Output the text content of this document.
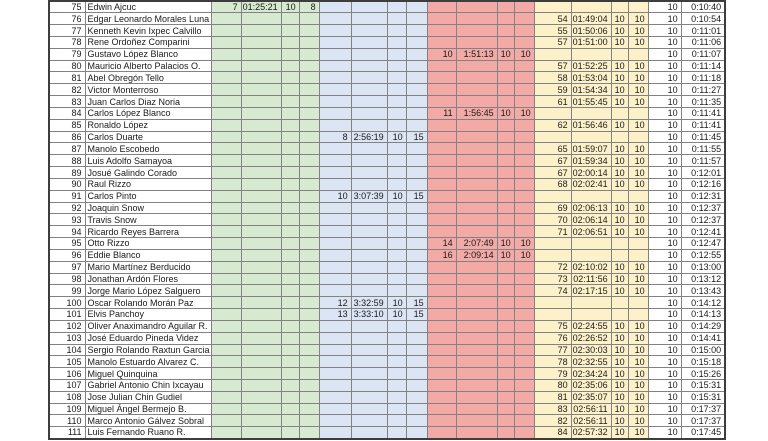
75	Edwin Ajcuc	7	01:25:21	10	8													10	0:10:40
76	Edgar Leonardo Morales Luna													54	01:49:04	10	10	10	0:10:54
77	Kenneth Kevin Ixpec Calvillo													55	01:50:06	10	10	10	0:11:01
78	Rene Ordoñez Comparini													57	01:51:00	10	10	10	0:11:06
79	Gustavo López Blanco									10	1:51:13	10	10					10	0:11:07
80	Mauricio Alberto Palacios O.													57	01:52:25	10	10	10	0:11:14
81	Abel Obregón Tello													58	01:53:04	10	10	10	0:11:18
82	Victor Monterroso													59	01:54:34	10	10	10	0:11:27
83	Juan Carlos Diaz Noria													61	01:55:45	10	10	10	0:11:35
84	Carlos López Blanco									11	1:56:45	10	10					10	0:11:41
85	Ronaldo López													62	01:56:46	10	10	10	0:11:41
86	Carlos Duarte					8	2:56:19	10	15									10	0:11:45
87	Manolo Escobedo													65	01:59:07	10	10	10	0:11:55
88	Luis Adolfo Samayoa													67	01:59:34	10	10	10	0:11:57
89	Josué Galindo Corado													67	02:00:14	10	10	10	0:12:01
90	Raul Rizzo													68	02:02:41	10	10	10	0:12:16
91	Carlos Pinto					10	3:07:39	10	15									10	0:12:31
92	Joaquin Snow													69	02:06:13	10	10	10	0:12:37
93	Travis Snow													70	02:06:14	10	10	10	0:12:37
94	Ricardo Reyes Barrera													71	02:06:51	10	10	10	0:12:41
95	Otto Rizzo									14	2:07:49	10	10					10	0:12:47
96	Eddie Blanco									16	2:09:14	10	10					10	0:12:55
97	Mario Martínez Berducido													72	02:10:02	10	10	10	0:13:00
98	Jonathan Ardón Flores													73	02:11:56	10	10	10	0:13:12
99	Jorge Mario López Salguero													74	02:17:15	10	10	10	0:13:43
100	Oscar Rolando Morán Paz					12	3:32:59	10	15									10	0:14:12
101	Elvis Panchoy					13	3:33:10	10	15									10	0:14:13
102	Oliver Anaximandro Aguilar R.													75	02:24:55	10	10	10	0:14:29
103	José Eduardo Pineda Videz													76	02:26:52	10	10	10	0:14:41
104	Sergio Rolando Raxtun Garcia													77	02:30:03	10	10	10	0:15:00
105	Manolo Estuardo Alvarez C.													78	02:32:55	10	10	10	0:15:18
106	Miguel Quinquina													79	02:34:24	10	10	10	0:15:26
107	Gabriel Antonio Chin Ixcayau													80	02:35:06	10	10	10	0:15:31
108	Jose Julian Chin Gudiel													81	02:35:07	10	10	10	0:15:31
109	Miguel Ángel Bermejo B.													83	02:56:11	10	10	10	0:17:37
110	Marco Antonio Gálvez Sobral													82	02:56:11	10	10	10	0:17:37
111	Luis Fernando Ruano R.													84	02:57:32	10	10	10	0:17:45
